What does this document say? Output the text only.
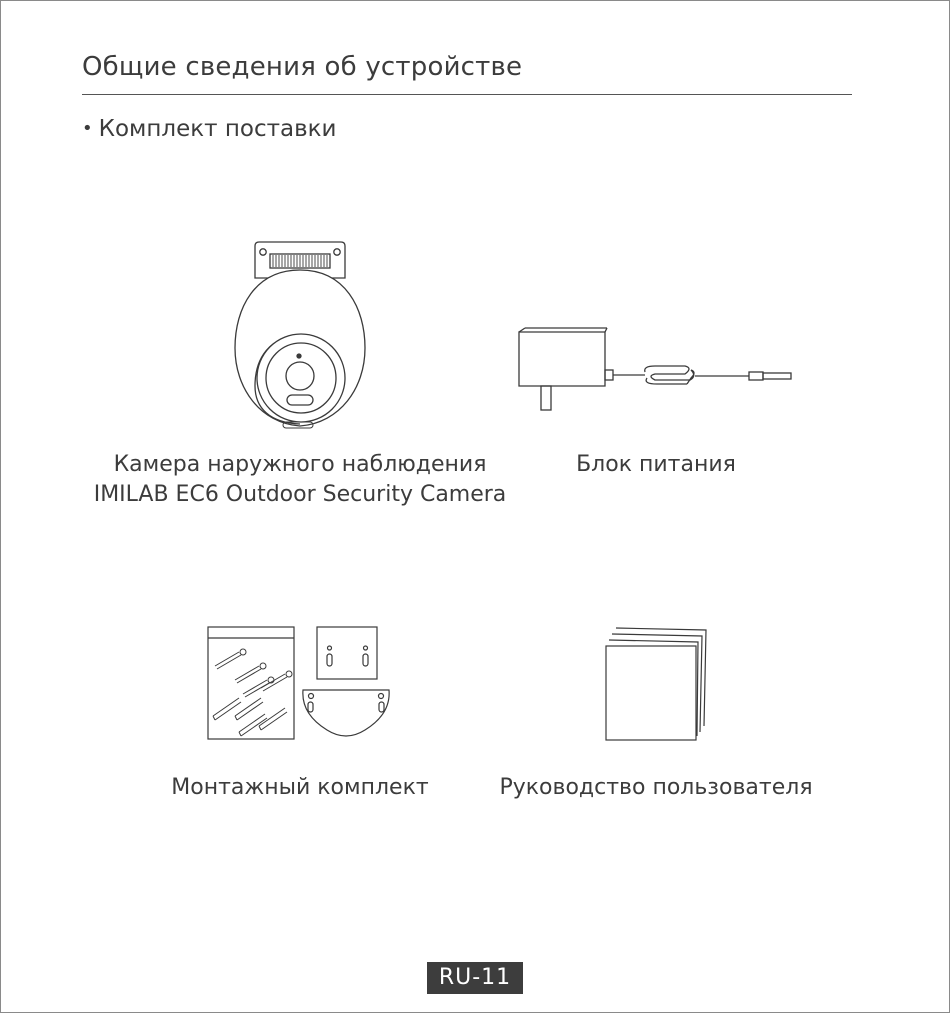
Общие сведения об устройстве
• Комплект поставки
Камера наружного наблюдения
IMILAB EC6 Outdoor Security Camera
Блок питания
Монтажный комплект	Руководство пользователя
RU-11
